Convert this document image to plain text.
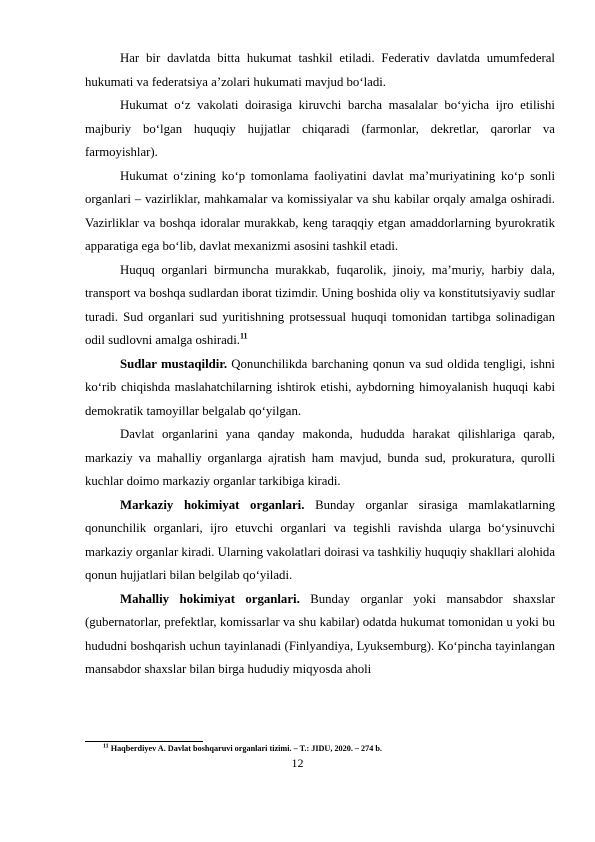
Har bir davlatda bitta hukumat tashkil etiladi. Federativ davlatda umumfederal hukumati va federatsiya a’zolari hukumati mavjud bo‘ladi.

Hukumat o‘z vakolati doirasiga kiruvchi barcha masalalar bo‘yicha ijro etilishi majburiy bo‘lgan huquqiy hujjatlar chiqaradi (farmonlar, dekretlar, qarorlar va farmoyishlar).

Hukumat o‘zining ko‘p tomonlama faoliyatini davlat ma’muriyatining ko‘p sonli organlari – vazirliklar, mahkamalar va komissiyalar va shu kabilar orqaly amalga oshiradi. Vazirliklar va boshqa idoralar murakkab, keng taraqqiy etgan amaddorlarning byurokratik apparatiga ega bo‘lib, davlat mexanizmi asosini tashkil etadi.

Huquq organlari birmuncha murakkab, fuqarolik, jinoiy, ma’muriy, harbiy dala, transport va boshqa sudlardan iborat tizimdir. Uning boshida oliy va konstitutsiyaviy sudlar turadi. Sud organlari sud yuritishning protsessual huquqi tomonidan tartibga solinadigan odil sudlovni amalga oshiradi.$^{11}$

Sudlar mustaqildir. Qonunchilikda barchaning qonun va sud oldida tengligi, ishni ko‘rib chiqishda maslahatchilarning ishtirok etishi, aybdorning himoyalanish huquqi kabi demokratik tamoyillar belgalab qo‘yilgan.

Davlat organlarini yana qanday makonda, hududda harakat qilishlariga qarab, markaziy va mahalliy organlarga ajratish ham mavjud, bunda sud, prokuratura, qurolli kuchlar doimo markaziy organlar tarkibiga kiradi.

Markaziy hokimiyat organlari. Bunday organlar sirasiga mamlakatlarning qonunchilik organlari, ijro etuvchi organlari va tegishli ravishda ularga bo‘ysinuvchi markaziy organlar kiradi. Ularning vakolatlari doirasi va tashkiliy huquqiy shakllari alohida qonun hujjatlari bilan belgilab qo‘yiladi.

Mahalliy hokimiyat organlari. Bunday organlar yoki mansabdor shaxslar (gubernatorlar, prefektlar, komissarlar va shu kabilar) odatda hukumat tomonidan u yoki bu hududni boshqarish uchun tayinlanadi (Finlyandiya, Lyuksemburg). Ko‘pincha tayinlangan mansabdor shaxslar bilan birga hududiy miqyosda aholi

$^{11}$ Haqberdiyev A. Davlat boshqaruvi organlari tizimi. – T.: JIDU, 2020. – 274 b.
12
